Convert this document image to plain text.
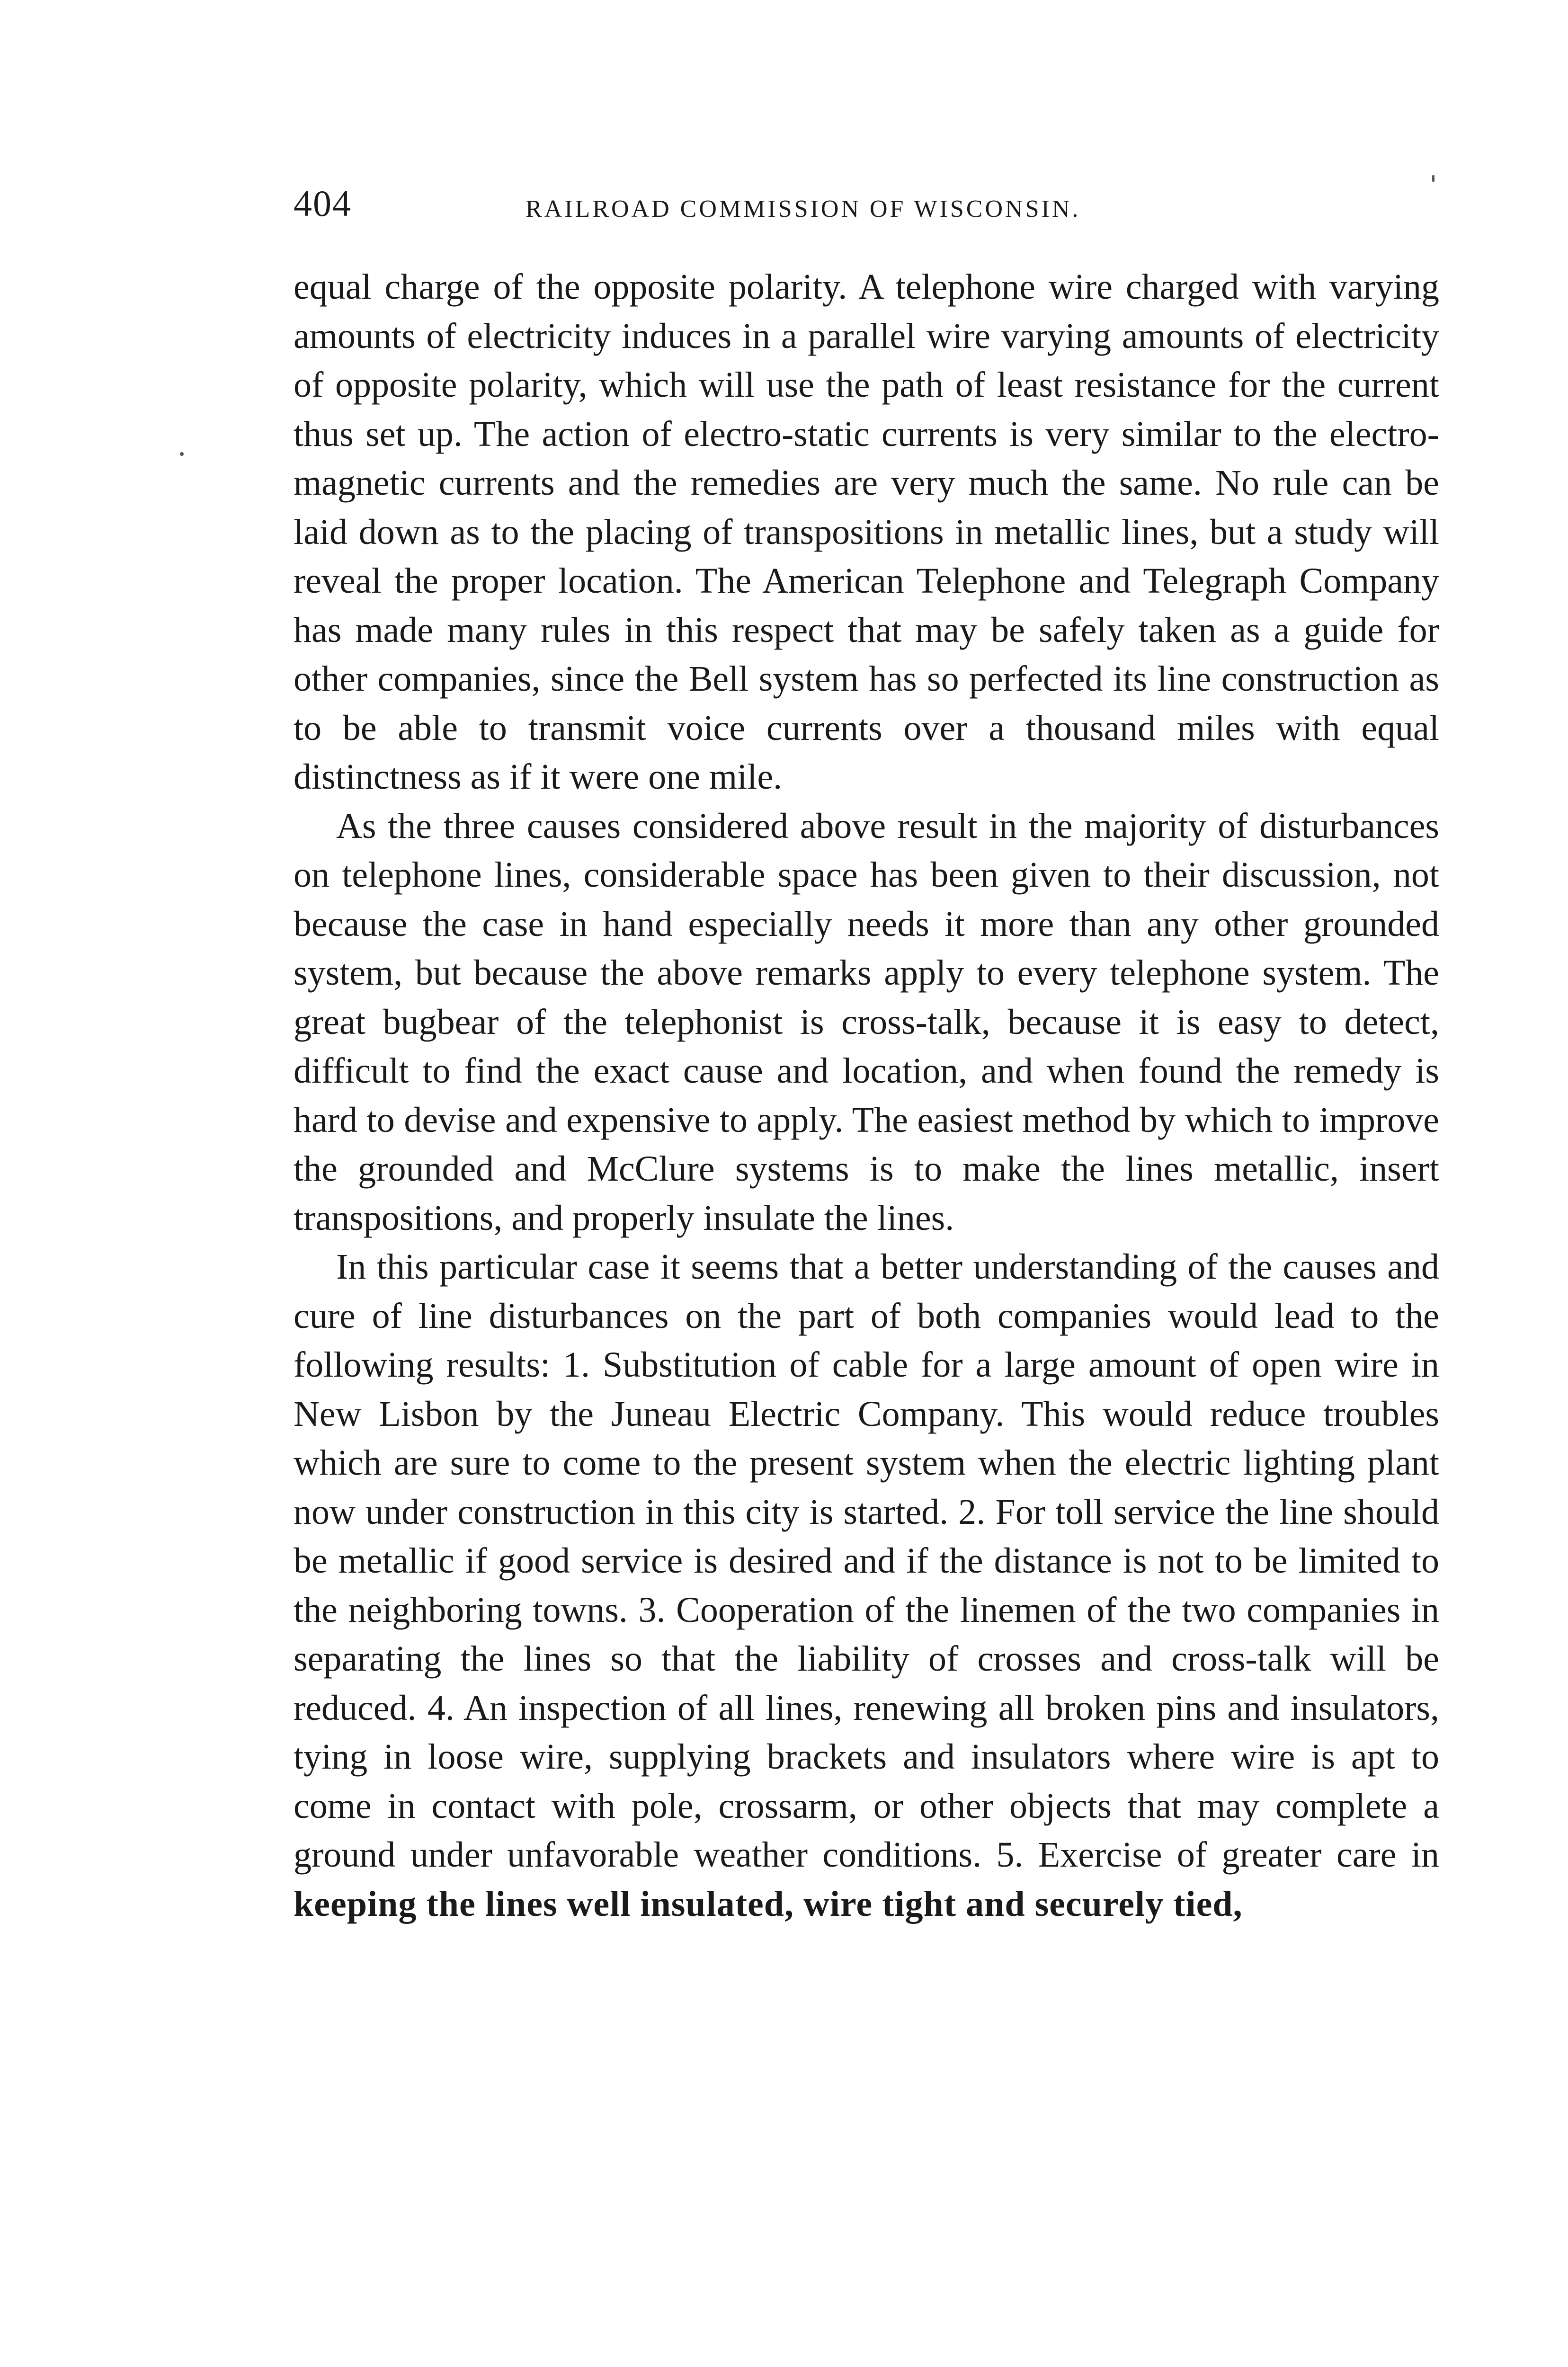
404	RAILROAD COMMISSION OF WISCONSIN.

equal charge of the opposite polarity. A telephone wire charged with varying amounts of electricity induces in a parallel wire varying amounts of electricity of opposite polarity, which will use the path of least resistance for the current thus set up. The action of electro-static currents is very similar to the electro-magnetic currents and the remedies are very much the same. No rule can be laid down as to the placing of transpositions in metallic lines, but a study will reveal the proper location. The American Telephone and Telegraph Company has made many rules in this respect that may be safely taken as a guide for other companies, since the Bell system has so perfected its line construction as to be able to transmit voice currents over a thousand miles with equal distinctness as if it were one mile.

As the three causes considered above result in the majority of disturbances on telephone lines, considerable space has been given to their discussion, not because the case in hand especially needs it more than any other grounded system, but because the above remarks apply to every telephone system. The great bugbear of the telephonist is cross-talk, because it is easy to detect, difficult to find the exact cause and location, and when found the remedy is hard to devise and expensive to apply. The easiest method by which to improve the grounded and McClure systems is to make the lines metallic, insert transpositions, and properly insulate the lines.

In this particular case it seems that a better understanding of the causes and cure of line disturbances on the part of both companies would lead to the following results: 1. Substitution of cable for a large amount of open wire in New Lisbon by the Juneau Electric Company. This would reduce troubles which are sure to come to the present system when the electric lighting plant now under construction in this city is started. 2. For toll service the line should be metallic if good service is desired and if the distance is not to be limited to the neighboring towns. 3. Cooperation of the linemen of the two companies in separating the lines so that the liability of crosses and cross-talk will be reduced. 4. An inspection of all lines, renewing all broken pins and insulators, tying in loose wire, supplying brackets and insulators where wire is apt to come in contact with pole, crossarm, or other objects that may complete a ground under unfavorable weather conditions. 5. Exercise of greater care in keeping the lines well insulated, wire tight and securely tied,
